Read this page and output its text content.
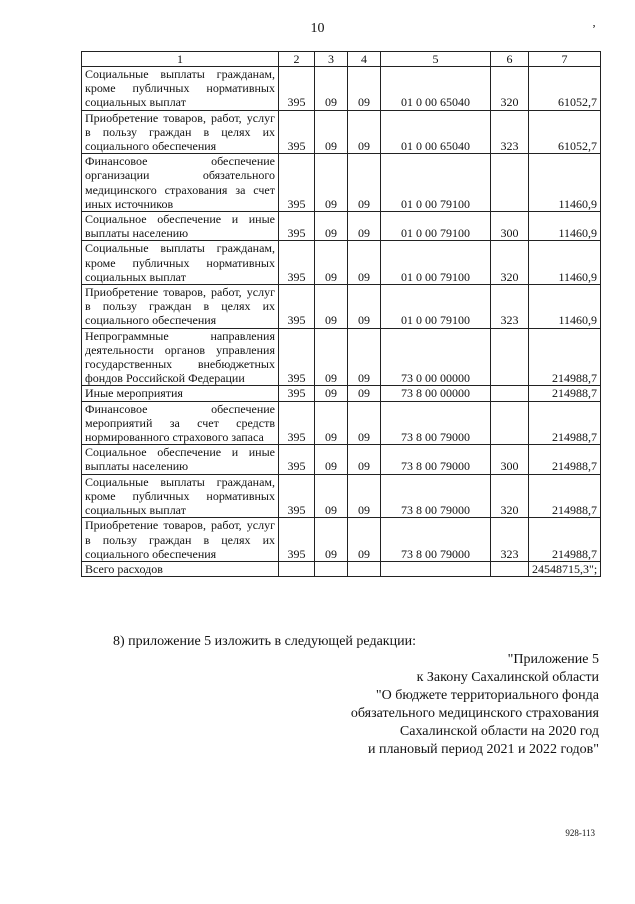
10	ʼ
1	2	3	4	5	6	7
Социальные выплаты гражданам, кроме публичных нормативных социальных выплат	395	09	09	01 0 00 65040	320	61052,7
Приобретение товаров, работ, услуг в пользу граждан в целях их социального обеспечения	395	09	09	01 0 00 65040	323	61052,7
Финансовое обеспечение организации обязательного медицинского страхования за счет иных источников	395	09	09	01 0 00 79100		11460,9
Социальное обеспечение и иные выплаты населению	395	09	09	01 0 00 79100	300	11460,9
Социальные выплаты гражданам, кроме публичных нормативных социальных выплат	395	09	09	01 0 00 79100	320	11460,9
Приобретение товаров, работ, услуг в пользу граждан в целях их социального обеспечения	395	09	09	01 0 00 79100	323	11460,9
Непрограммные направления деятельности органов управления государственных внебюджетных фондов Российской Федерации	395	09	09	73 0 00 00000		214988,7
Иные мероприятия	395	09	09	73 8 00 00000		214988,7
Финансовое обеспечение мероприятий за счет средств нормированного страхового запаса	395	09	09	73 8 00 79000		214988,7
Социальное обеспечение и иные выплаты населению	395	09	09	73 8 00 79000	300	214988,7
Социальные выплаты гражданам, кроме публичных нормативных социальных выплат	395	09	09	73 8 00 79000	320	214988,7
Приобретение товаров, работ, услуг в пользу граждан в целях их социального обеспечения	395	09	09	73 8 00 79000	323	214988,7
Всего расходов						24548715,3";
8) приложение 5 изложить в следующей редакции:
"Приложение 5
к Закону Сахалинской области
"О бюджете территориального фонда
обязательного медицинского страхования
Сахалинской области на 2020 год
и плановый период 2021 и 2022 годов"
928-113
